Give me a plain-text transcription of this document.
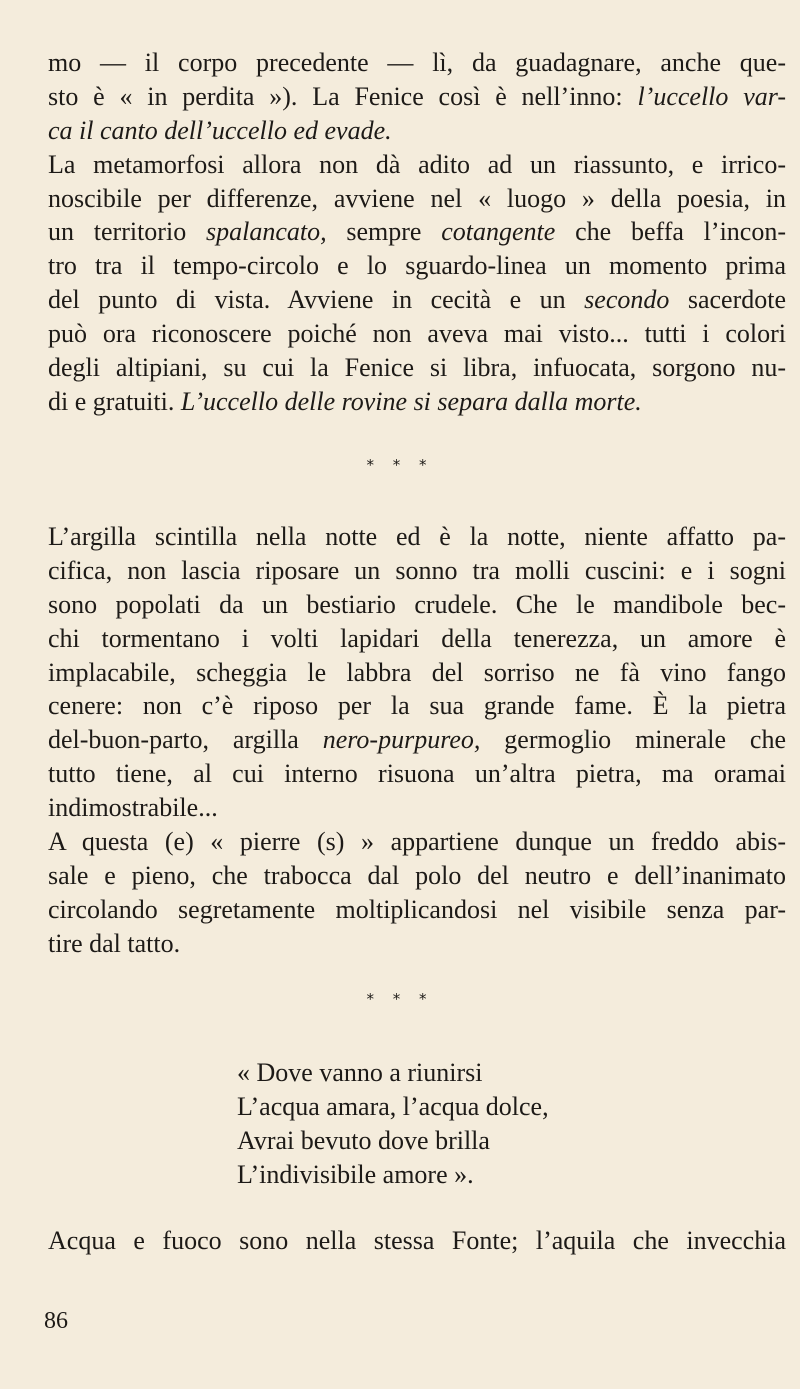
mo — il corpo precedente — lì, da guadagnare, anche que-
sto è « in perdita »). La Fenice così è nell’inno: l’uccello var-
ca il canto dell’uccello ed evade.
La metamorfosi allora non dà adito ad un riassunto, e irrico-
noscibile per differenze, avviene nel « luogo » della poesia, in
un territorio spalancato, sempre cotangente che beffa l’incon-
tro tra il tempo-circolo e lo sguardo-linea un momento prima
del punto di vista. Avviene in cecità e un secondo sacerdote
può ora riconoscere poiché non aveva mai visto... tutti i colori
degli altipiani, su cui la Fenice si libra, infuocata, sorgono nu-
di e gratuiti. L’uccello delle rovine si separa dalla morte.
* * *
L’argilla scintilla nella notte ed è la notte, niente affatto pa-
cifica, non lascia riposare un sonno tra molli cuscini: e i sogni
sono popolati da un bestiario crudele. Che le mandibole bec-
chi tormentano i volti lapidari della tenerezza, un amore è
implacabile, scheggia le labbra del sorriso ne fà vino fango
cenere: non c’è riposo per la sua grande fame. È la pietra
del-buon-parto, argilla nero-purpureo, germoglio minerale che
tutto tiene, al cui interno risuona un’altra pietra, ma oramai
indimostrabile...
A questa (e) « pierre (s) » appartiene dunque un freddo abis-
sale e pieno, che trabocca dal polo del neutro e dell’inanimato
circolando segretamente moltiplicandosi nel visibile senza par-
tire dal tatto.
* * *
« Dove vanno a riunirsi
L’acqua amara, l’acqua dolce,
Avrai bevuto dove brilla
L’indivisibile amore ».
Acqua e fuoco sono nella stessa Fonte; l’aquila che invecchia
86
